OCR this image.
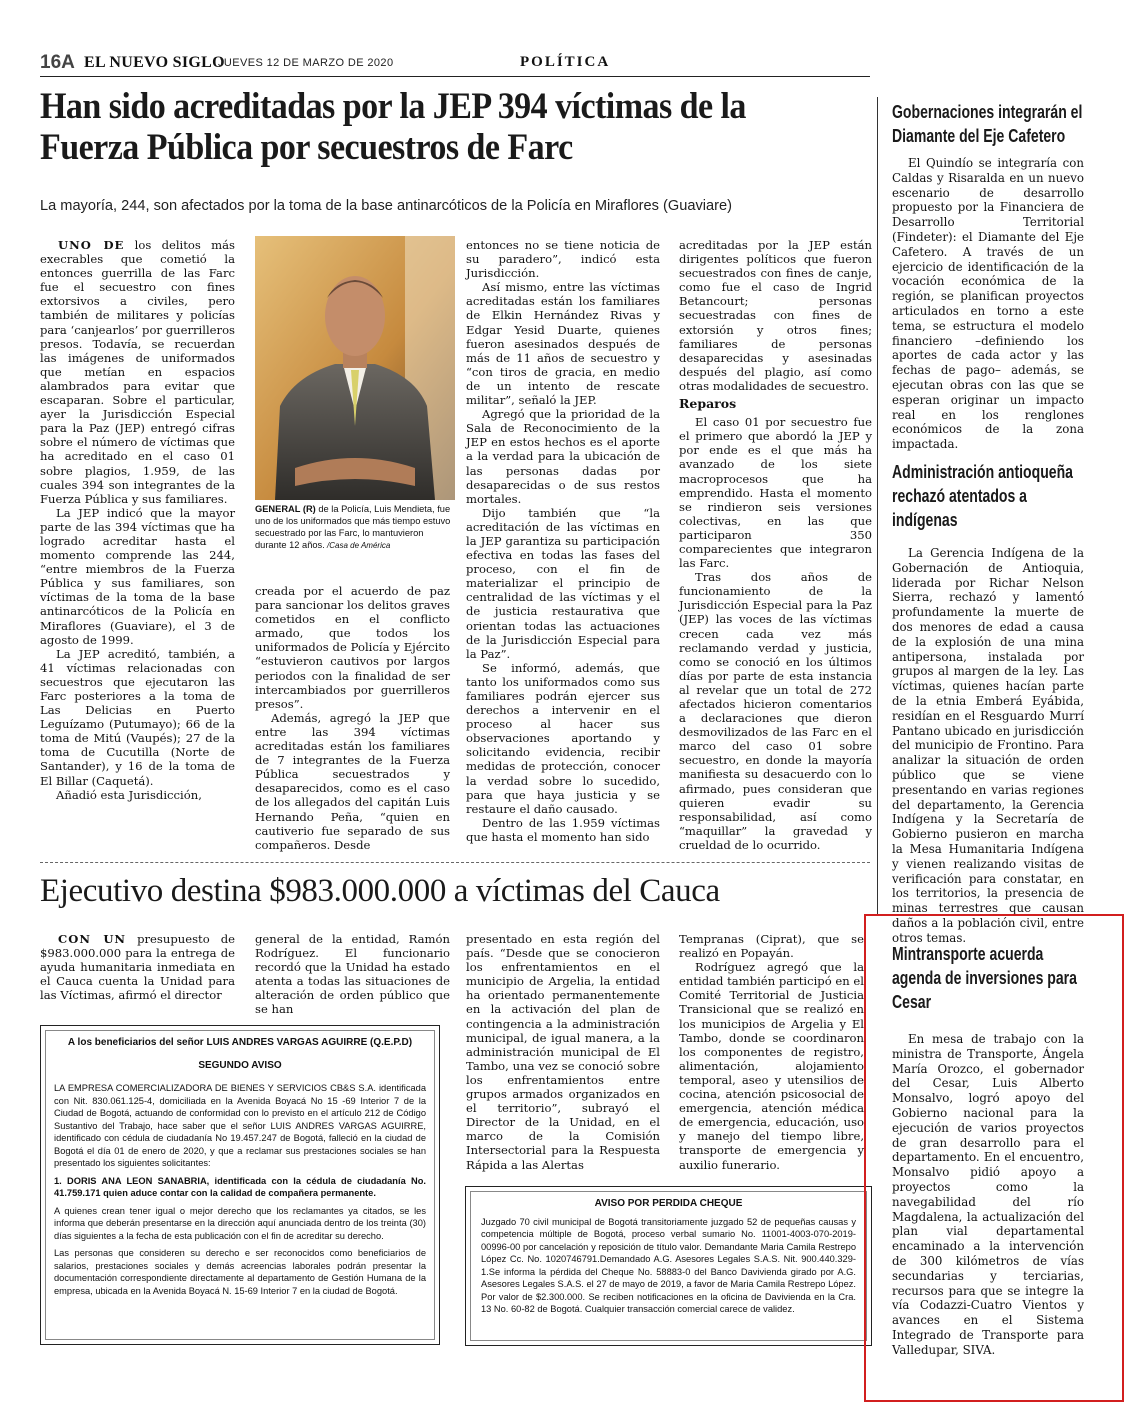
16A EL NUEVO SIGLO
JUEVES 12 DE MARZO DE 2020	POLÍTICA
Han sido acreditadas por la JEP 394 víctimas de la Fuerza Pública por secuestros de Farc
La mayoría, 244, son afectados por la toma de la base antinarcóticos de la Policía en Miraflores (Guaviare)

UNO DE los delitos más execrables que cometió la entonces guerrilla de las Farc fue el secuestro con fines extorsivos a civiles, pero también de militares y policías para ‘canjearlos’ por guerrilleros presos. Todavía, se recuerdan las imágenes de uniformados que metían en espacios alambrados para evitar que escaparan. Sobre el particular, ayer la Jurisdicción Especial para la Paz (JEP) entregó cifras sobre el número de víctimas que ha acreditado en el caso 01 sobre plagios, 1.959, de las cuales 394 son integrantes de la Fuerza Pública y sus familiares.

La JEP indicó que la mayor parte de las 394 víctimas que ha logrado acreditar hasta el momento comprende las 244, “entre miembros de la Fuerza Pública y sus familiares, son víctimas de la toma de la base antinarcóticos de la Policía en Miraflores (Guaviare), el 3 de agosto de 1999.

La JEP acreditó, también, a 41 víctimas relacionadas con secuestros que ejecutaron las Farc posteriores a la toma de Las Delicias en Puerto Leguízamo (Putumayo); 66 de la toma de Mitú (Vaupés); 27 de la toma de Cucutilla (Norte de Santander), y 16 de la toma de El Billar (Caquetá).

Añadió esta Jurisdicción,

GENERAL (R) de la Policía, Luis Mendieta, fue uno de los uniformados que más tiempo estuvo secuestrado por las Farc, lo mantuvieron durante 12 años. /Casa de América

creada por el acuerdo de paz para sancionar los delitos graves cometidos en el conflicto armado, que todos los uniformados de Policía y Ejército “estuvieron cautivos por largos periodos con la finalidad de ser intercambiados por guerrilleros presos”.

Además, agregó la JEP que entre las 394 víctimas acreditadas están los familiares de 7 integrantes de la Fuerza Pública secuestrados y desaparecidos, como es el caso de los allegados del capitán Luis Hernando Peña, “quien en cautiverio fue separado de sus compañeros. Desde

entonces no se tiene noticia de su paradero”, indicó esta Jurisdicción.

Así mismo, entre las víctimas acreditadas están los familiares de Elkin Hernández Rivas y Edgar Yesid Duarte, quienes fueron asesinados después de más de 11 años de secuestro y “con tiros de gracia, en medio de un intento de rescate militar”, señaló la JEP.

Agregó que la prioridad de la Sala de Reconocimiento de la JEP en estos hechos es el aporte a la verdad para la ubicación de las personas dadas por desaparecidas o de sus restos mortales.

Dijo también que “la acreditación de las víctimas en la JEP garantiza su participación efectiva en todas las fases del proceso, con el fin de materializar el principio de centralidad de las víctimas y el de justicia restaurativa que orientan todas las actuaciones de la Jurisdicción Especial para la Paz”.

Se informó, además, que tanto los uniformados como sus familiares podrán ejercer sus derechos a intervenir en el proceso al hacer sus observaciones aportando y solicitando evidencia, recibir medidas de protección, conocer la verdad sobre lo sucedido, para que haya justicia y se restaure el daño causado.

Dentro de las 1.959 víctimas que hasta el momento han sido

acreditadas por la JEP están dirigentes políticos que fueron secuestrados con fines de canje, como fue el caso de Ingrid Betancourt; personas secuestradas con fines de extorsión y otros fines; familiares de personas desaparecidas y asesinadas después del plagio, así como otras modalidades de secuestro.

Reparos

El caso 01 por secuestro fue el primero que abordó la JEP y por ende es el que más ha avanzado de los siete macroprocesos que ha emprendido. Hasta el momento se rindieron seis versiones colectivas, en las que participaron 350 comparecientes que integraron las Farc.

Tras dos años de funcionamiento de la Jurisdicción Especial para la Paz (JEP) las voces de las víctimas crecen cada vez más reclamando verdad y justicia, como se conoció en los últimos días por parte de esta instancia al revelar que un total de 272 afectados hicieron comentarios a declaraciones que dieron desmovilizados de las Farc en el marco del caso 01 sobre secuestro, en donde la mayoría manifiesta su desacuerdo con lo afirmado, pues consideran que quieren evadir su responsabilidad, así como “maquillar” la gravedad y crueldad de lo ocurrido.

Ejecutivo destina $983.000.000 a víctimas del Cauca

CON UN presupuesto de $983.000.000 para la entrega de ayuda humanitaria inmediata en el Cauca cuenta la Unidad para las Víctimas, afirmó el director

general de la entidad, Ramón Rodríguez. El funcionario recordó que la Unidad ha estado atenta a todas las situaciones de alteración de orden público que se han

presentado en esta región del país. “Desde que se conocieron los enfrentamientos en el municipio de Argelia, la entidad ha orientado permanentemente en la activación del plan de contingencia a la administración municipal, de igual manera, a la administración municipal de El Tambo, una vez se conoció sobre los enfrentamientos entre grupos armados organizados en el territorio”, subrayó el Director de la Unidad, en el marco de la Comisión Intersectorial para la Respuesta Rápida a las Alertas

Tempranas (Ciprat), que se realizó en Popayán.

Rodríguez agregó que la entidad también participó en el Comité Territorial de Justicia Transicional que se realizó en los municipios de Argelia y El Tambo, donde se coordinaron los componentes de registro, alimentación, alojamiento temporal, aseo y utensilios de cocina, atención psicosocial de emergencia, atención médica de emergencia, educación, uso y manejo del tiempo libre, transporte de emergencia y auxilio funerario.

A los beneficiarios del señor LUIS ANDRES VARGAS AGUIRRE (Q.E.P.D)
SEGUNDO AVISO

LA EMPRESA COMERCIALIZADORA DE BIENES Y SERVICIOS CB&S S.A. identificada con Nit. 830.061.125-4, domiciliada en la Avenida Boyacá No 15 -69 Interior 7 de la Ciudad de Bogotá, actuando de conformidad con lo previsto en el artículo 212 de Código Sustantivo del Trabajo, hace saber que el señor LUIS ANDRES VARGAS AGUIRRE, identificado con cédula de ciudadanía No 19.457.247 de Bogotá, falleció en la ciudad de Bogotá el día 01 de enero de 2020, y que a reclamar sus prestaciones sociales se han presentado los siguientes solicitantes:

1. DORIS ANA LEON SANABRIA, identificada con la cédula de ciudadanía No. 41.759.171 quien aduce contar con la calidad de compañera permanente.

A quienes crean tener igual o mejor derecho que los reclamantes ya citados, se les informa que deberán presentarse en la dirección aquí anunciada dentro de los treinta (30) días siguientes a la fecha de esta publicación con el fin de acreditar su derecho.

Las personas que consideren su derecho e ser reconocidos como beneficiarios de salarios, prestaciones sociales y demás acreencias laborales podrán presentar la documentación correspondiente directamente al departamento de Gestión Humana de la empresa, ubicada en la Avenida Boyacá N. 15-69 Interior 7 en la ciudad de Bogotá.

AVISO POR PERDIDA CHEQUE
Juzgado 70 civil municipal de Bogotá transitoriamente juzgado 52 de pequeñas causas y competencia múltiple de Bogotá, proceso verbal sumario No. 11001-4003-070-2019-00996-00 por cancelación y reposición de título valor. Demandante Maria Camila Restrepo López Cc. No. 1020746791.Demandado A.G. Asesores Legales S.A.S. Nit. 900.440.329-1.Se informa la pérdida del Cheque No. 58883-0 del Banco Davivienda girado por A.G. Asesores Legales S.A.S. el 27 de mayo de 2019, a favor de Maria Camila Restrepo López. Por valor de $2.300.000. Se reciben notificaciones en la oficina de Davivienda en la Cra. 13 No. 60-82 de Bogotá. Cualquier transacción comercial carece de validez.
Gobernaciones integrarán el Diamante del Eje Cafetero

El Quindío se integraría con Caldas y Risaralda en un nuevo escenario de desarrollo propuesto por la Financiera de Desarrollo Territorial (Findeter): el Diamante del Eje Cafetero. A través de un ejercicio de identificación de la vocación económica de la región, se planifican proyectos articulados en torno a este tema, se estructura el modelo financiero –definiendo los aportes de cada actor y las fechas de pago– además, se ejecutan obras con las que se esperan originar un impacto real en los renglones económicos de la zona impactada.

Administración antioqueña rechazó atentados a indígenas

La Gerencia Indígena de la Gobernación de Antioquia, liderada por Richar Nelson Sierra, rechazó y lamentó profundamente la muerte de dos menores de edad a causa de la explosión de una mina antipersona, instalada por grupos al margen de la ley. Las víctimas, quienes hacían parte de la etnia Emberá Eyábida, residían en el Resguardo Murrí Pantano ubicado en jurisdicción del municipio de Frontino. Para analizar la situación de orden público que se viene presentando en varias regiones del departamento, la Gerencia Indígena y la Secretaría de Gobierno pusieron en marcha la Mesa Humanitaria Indígena y vienen realizando visitas de verificación para constatar, en los territorios, la presencia de minas terrestres que causan daños a la población civil, entre otros temas.

Mintransporte acuerda agenda de inversiones para Cesar

En mesa de trabajo con la ministra de Transporte, Ángela María Orozco, el gobernador del Cesar, Luis Alberto Monsalvo, logró apoyo del Gobierno nacional para la ejecución de varios proyectos de gran desarrollo para el departamento. En el encuentro, Monsalvo pidió apoyo a proyectos como la navegabilidad del río Magdalena, la actualización del plan vial departamental encaminado a la intervención de 300 kilómetros de vías secundarias y terciarias, recursos para que se integre la vía Codazzi-Cuatro Vientos y avances en el Sistema Integrado de Transporte para Valledupar, SIVA.
